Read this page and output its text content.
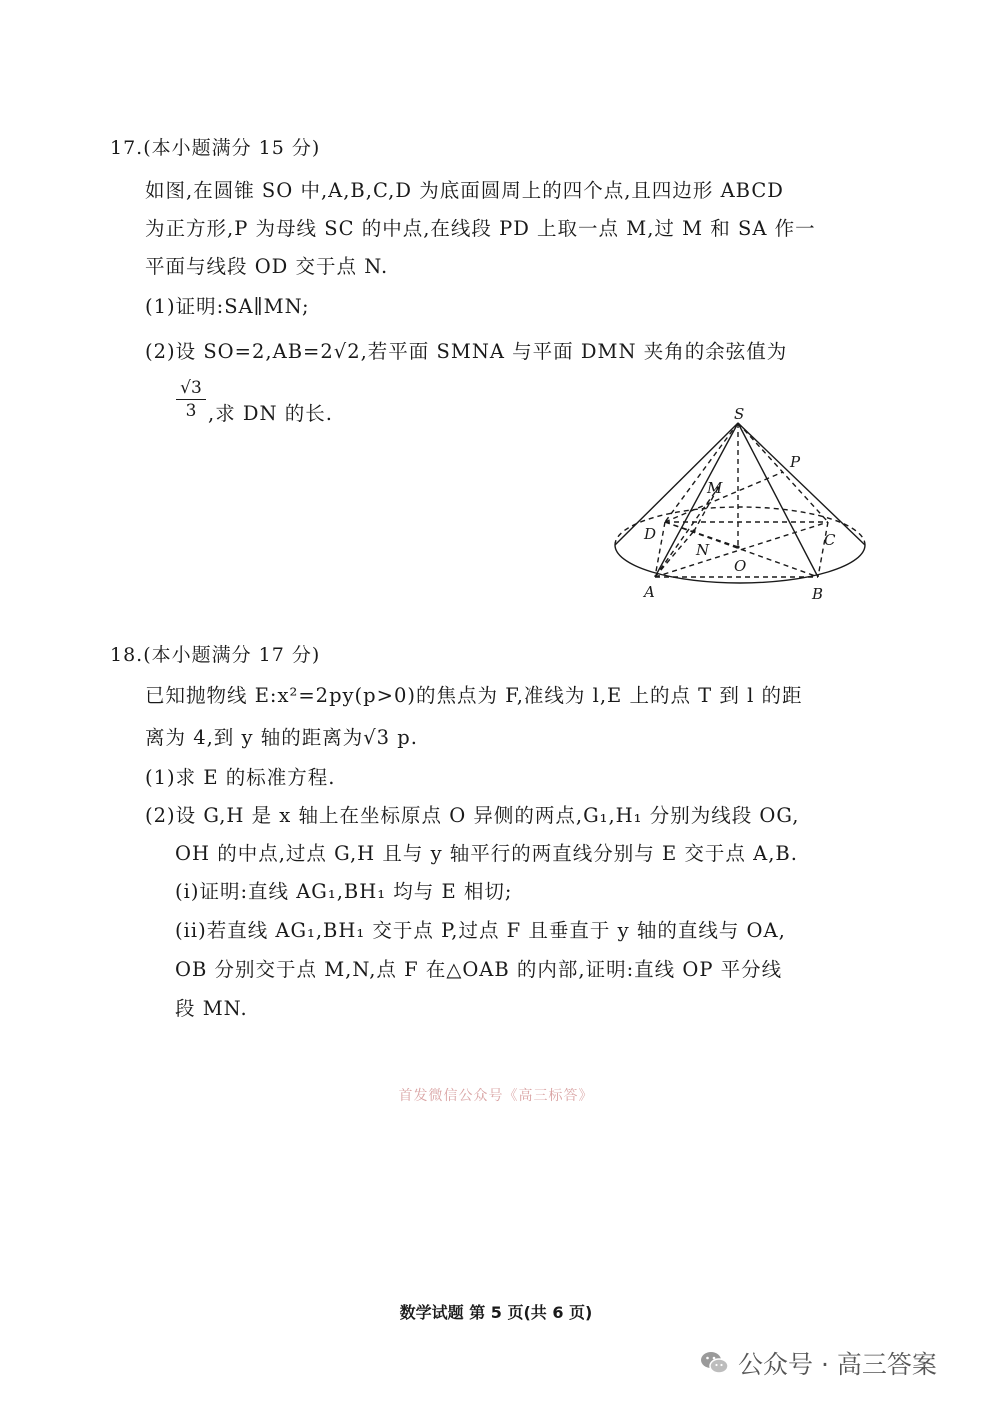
17.(本小题满分 15 分)
如图,在圆锥 SO 中,A,B,C,D 为底面圆周上的四个点,且四边形 ABCD
为正方形,P 为母线 SC 的中点,在线段 PD 上取一点 M,过 M 和 SA 作一
平面与线段 OD 交于点 N.
(1)证明:SA∥MN;
(2)设 SO=2,AB=2√2,若平面 SMNA 与平面 DMN 夹角的余弦值为
$\frac{√3}{3}$ ,求 DN 的长.	S
P
M
D
N
O
C
A	B
18.(本小题满分 17 分)
已知抛物线 E:x²=2py(p>0)的焦点为 F,准线为 l,E 上的点 T 到 l 的距
离为 4,到 y 轴的距离为√3 p.
(1)求 E 的标准方程.
(2)设 G,H 是 x 轴上在坐标原点 O 异侧的两点,G₁,H₁ 分别为线段 OG,
OH 的中点,过点 G,H 且与 y 轴平行的两直线分别与 E 交于点 A,B.
(i)证明:直线 AG₁,BH₁ 均与 E 相切;
(ii)若直线 AG₁,BH₁ 交于点 P,过点 F 且垂直于 y 轴的直线与 OA,
OB 分别交于点 M,N,点 F 在△OAB 的内部,证明:直线 OP 平分线
段 MN.
首发微信公众号《高三标答》
数学试题 第 5 页(共 6 页)
公众号 · 高三答案
